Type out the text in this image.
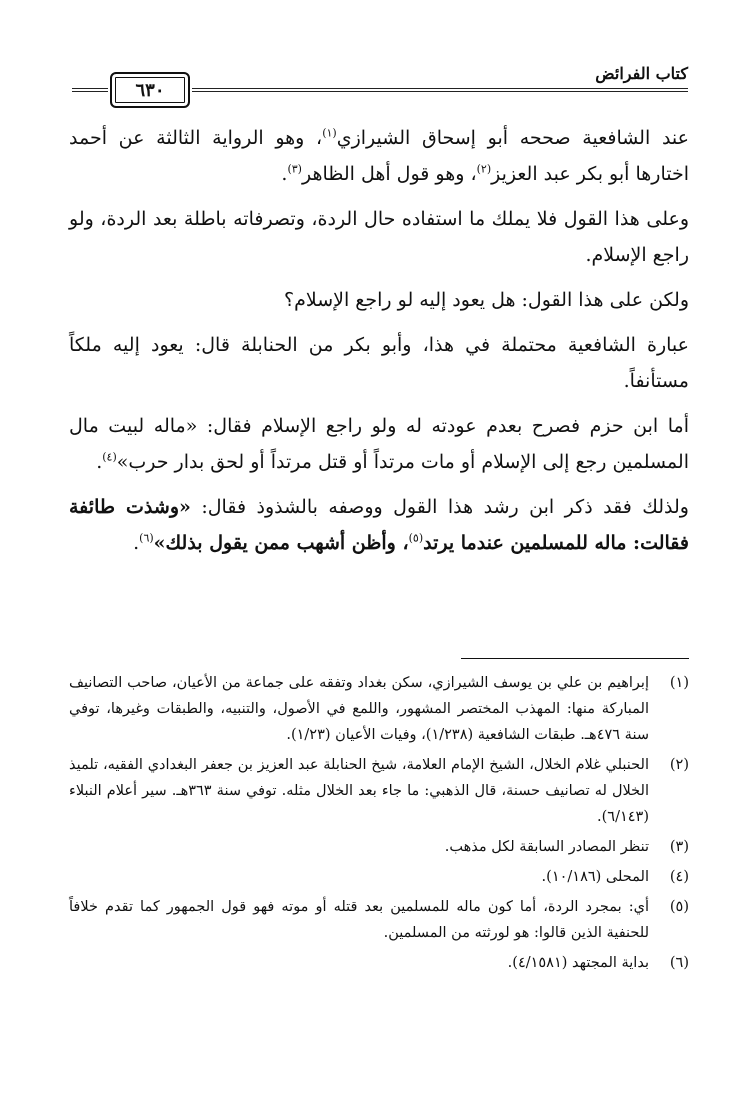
كتاب الفرائض
٦٣٠

عند الشافعية صححه أبو إسحاق الشيرازي$^{(١)}$، وهو الرواية الثالثة عن أحمد اختارها أبو بكر عبد العزيز$^{(٢)}$، وهو قول أهل الظاهر$^{(٣)}$.

وعلى هذا القول فلا يملك ما استفاده حال الردة، وتصرفاته باطلة بعد الردة، ولو راجع الإسلام.

ولكن على هذا القول: هل يعود إليه لو راجع الإسلام؟

عبارة الشافعية محتملة في هذا، وأبو بكر من الحنابلة قال: يعود إليه ملكاً مستأنفاً.

أما ابن حزم فصرح بعدم عودته له ولو راجع الإسلام فقال: «ماله لبيت مال المسلمين رجع إلى الإسلام أو مات مرتداً أو قتل مرتداً أو لحق بدار حرب»$^{(٤)}$.

ولذلك فقد ذكر ابن رشد هذا القول ووصفه بالشذوذ فقال: «وشذت طائفة فقالت: ماله للمسلمين عندما يرتد$^{(٥)}$، وأظن أشهب ممن يقول بذلك»$^{(٦)}$.

(١)
إبراهيم بن علي بن يوسف الشيرازي، سكن بغداد وتفقه على جماعة من الأعيان، صاحب التصانيف المباركة منها: المهذب المختصر المشهور، واللمع في الأصول، والتنبيه، والطبقات وغيرها، توفي سنة ٤٧٦هـ. طبقات الشافعية (١/٢٣٨)، وفيات الأعيان (١/٢٣).
(٢)
الحنبلي غلام الخلال، الشيخ الإمام العلامة، شيخ الحنابلة عبد العزيز بن جعفر البغدادي الفقيه، تلميذ الخلال له تصانيف حسنة، قال الذهبي: ما جاء بعد الخلال مثله. توفي سنة ٣٦٣هـ. سير أعلام النبلاء (٦/١٤٣).
(٣)
تنظر المصادر السابقة لكل مذهب.
(٤)
المحلى (١٠/١٨٦).
(٥)
أي: بمجرد الردة، أما كون ماله للمسلمين بعد قتله أو موته فهو قول الجمهور كما تقدم خلافاً للحنفية الذين قالوا: هو لورثته من المسلمين.
(٦)
بداية المجتهد (٤/١٥٨١).
